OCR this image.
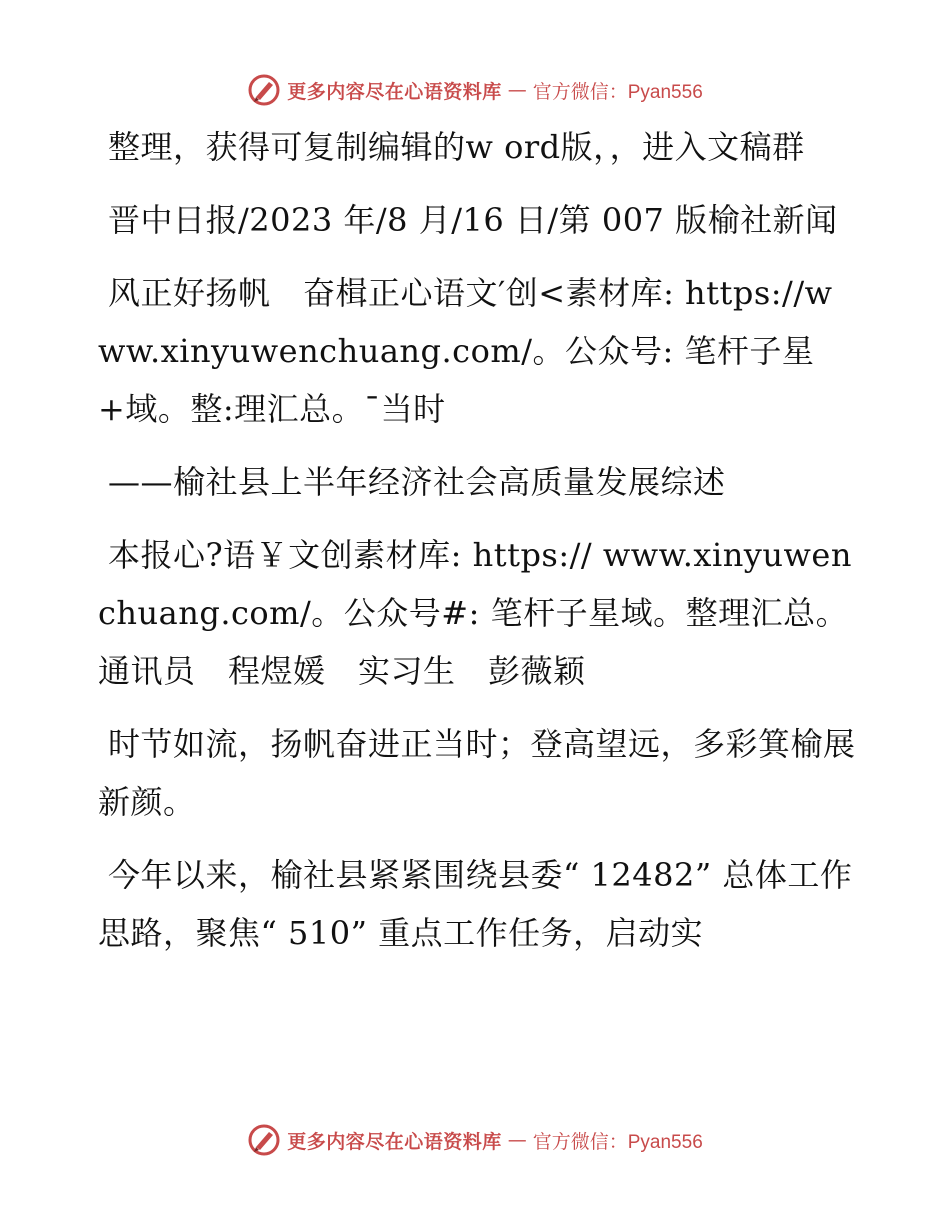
更多内容尽在心语资料库 — 官方微信：Pyan556

整理，获得可复制编辑的w ord版，，进入文稿群

晋中日报/2023 年/8 月/16 日/第 007 版榆社新闻

风正好扬帆　奋楫正心语文′创<素材库: https://www.xinyuwenchuang.com/。公众号: 笔杆子星+域。整:理汇总。¯当时

——榆社县上半年经济社会高质量发展综述

本报心?语￥文创素材库: https:// www.xinyuwenchuang.com/。公众号#: 笔杆子星域。整理汇总。通讯员　程煜媛　实习生　彭薇颖

时节如流，扬帆奋进正当时；登高望远，多彩箕榆展新颜。

今年以来，榆社县紧紧围绕县委“ 12482” 总体工作思路，聚焦“ 510” 重点工作任务，启动实

更多内容尽在心语资料库 — 官方微信：Pyan556
